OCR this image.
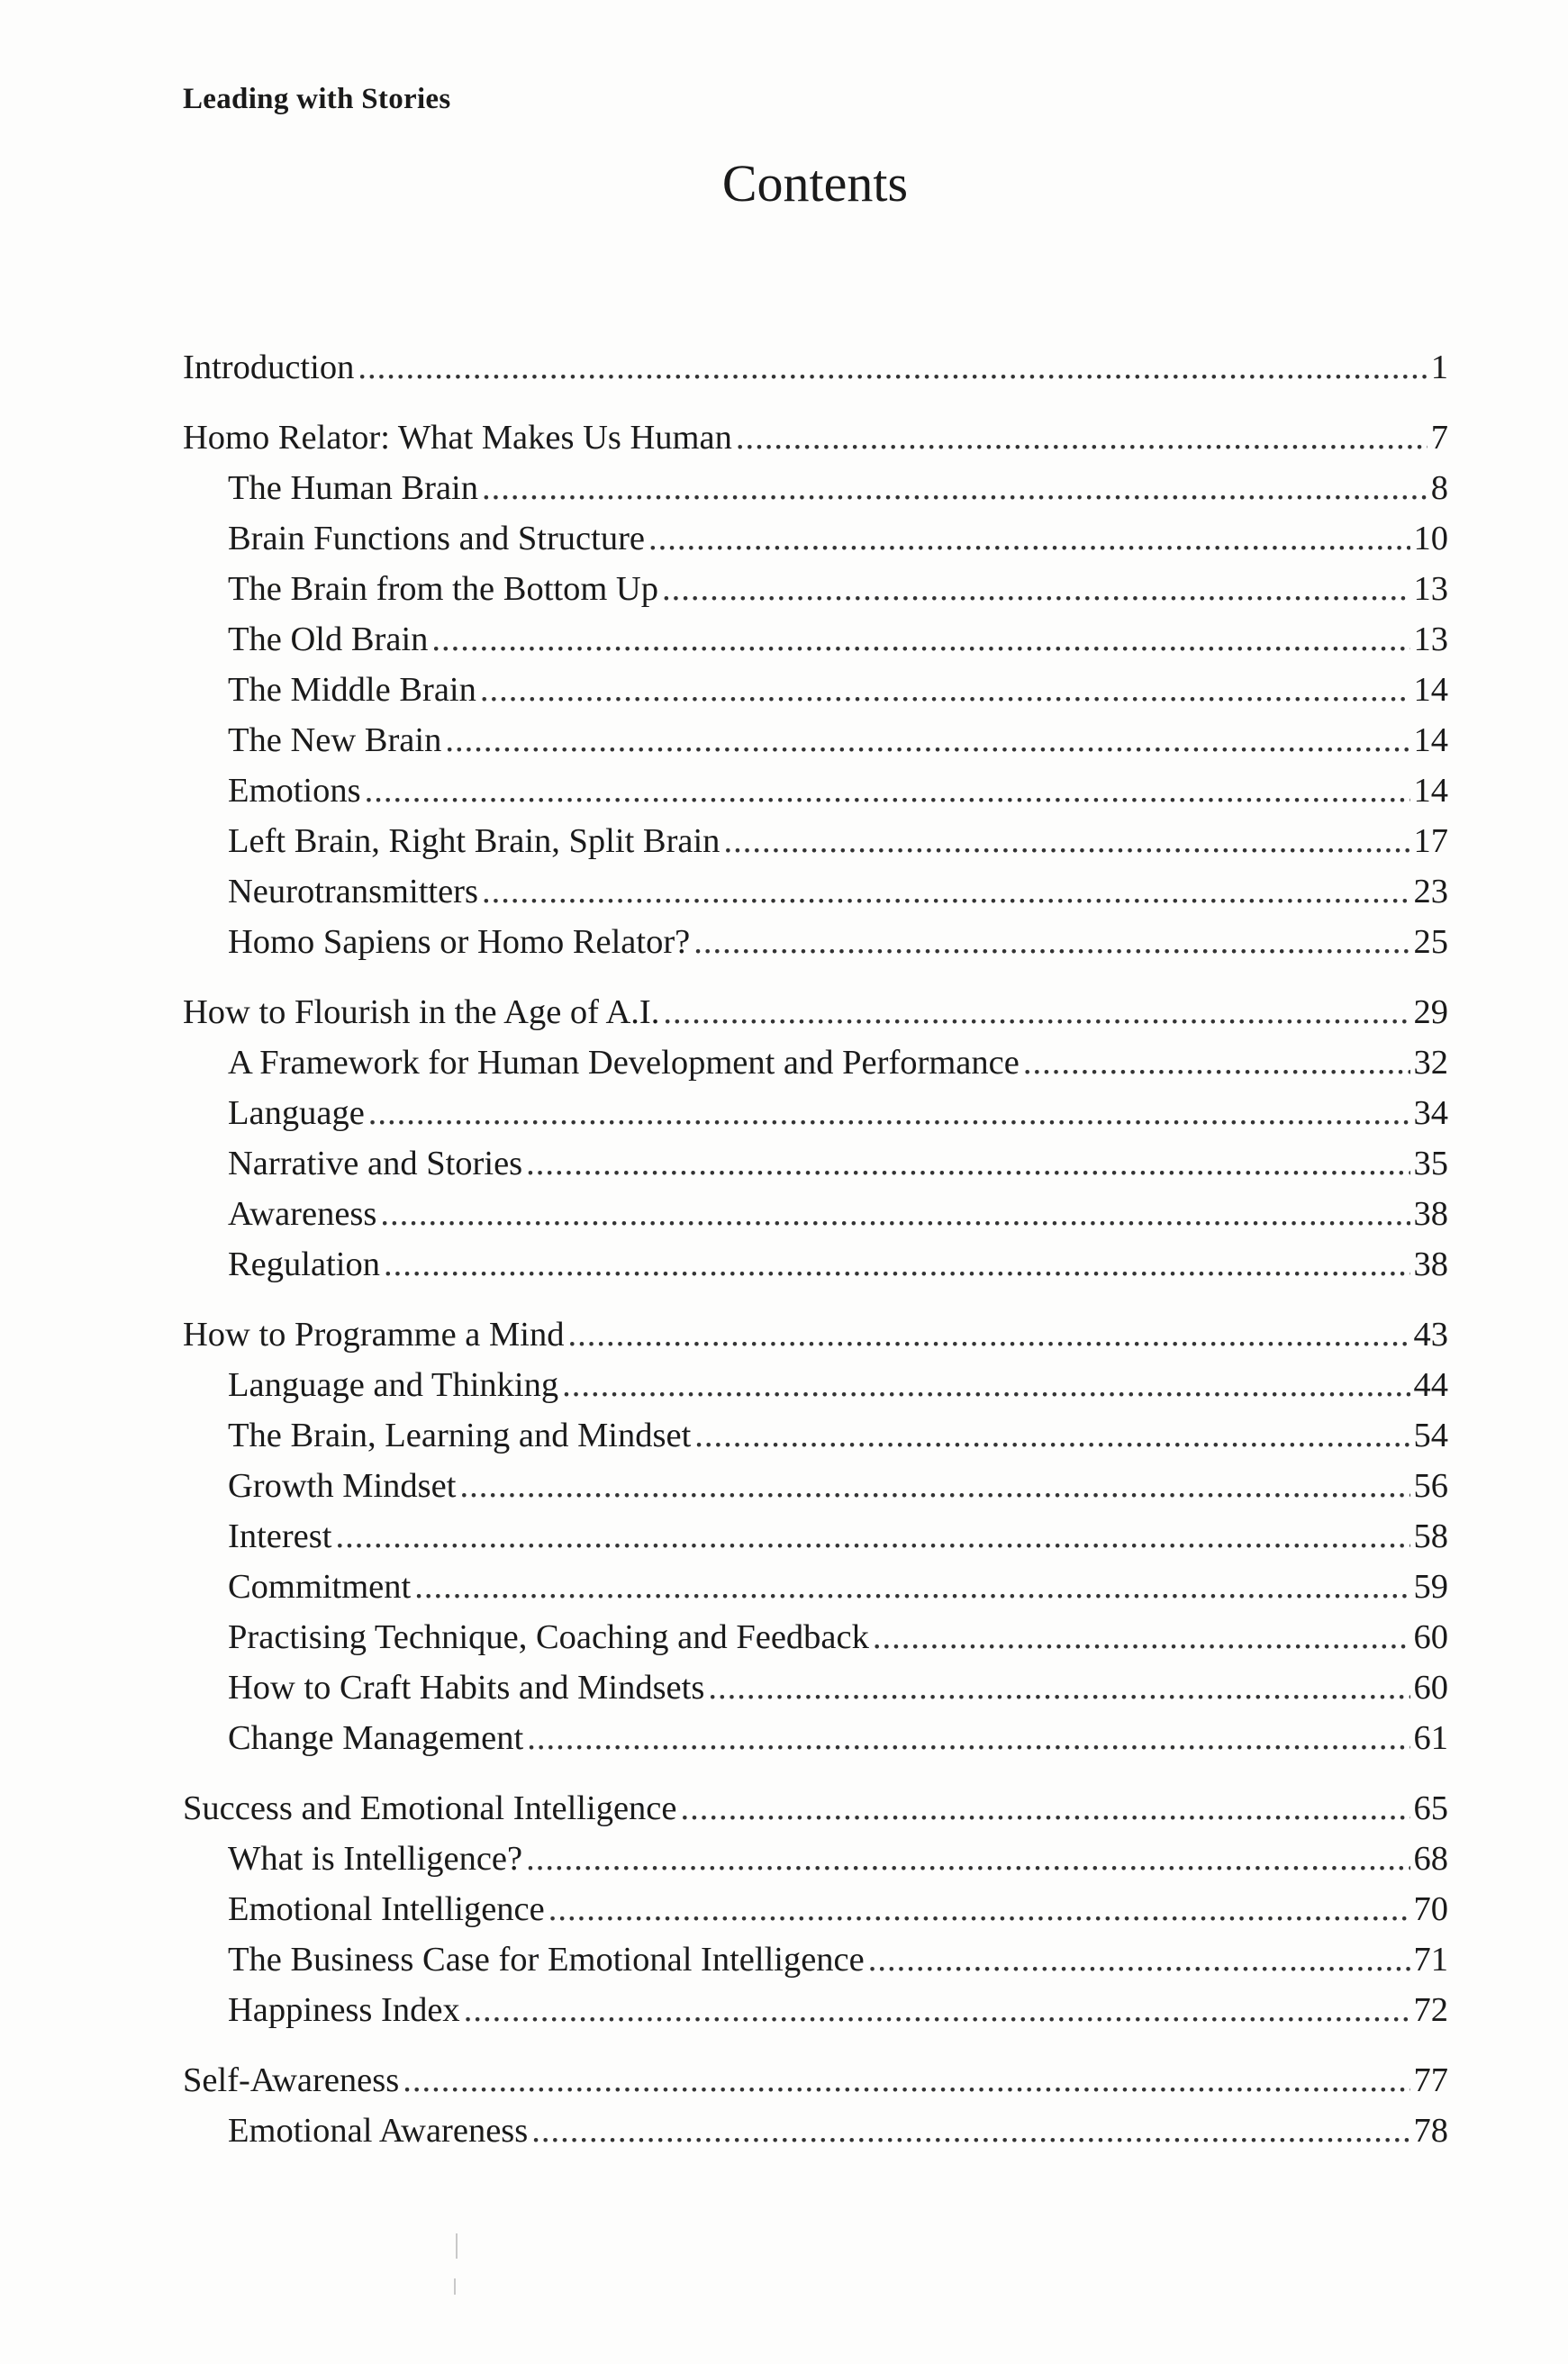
Leading with Stories
Contents
Introduction .....	1
Homo Relator: What Makes Us Human .....	7
The Human Brain .....	8
Brain Functions and Structure .....	10
The Brain from the Bottom Up .....	13
The Old Brain .....	13
The Middle Brain .....	14
The New Brain .....	14
Emotions .....	14
Left Brain, Right Brain, Split Brain .....	17
Neurotransmitters .....	23
Homo Sapiens or Homo Relator? .....	25
How to Flourish in the Age of A.I. .....	29
A Framework for Human Development and Performance .....	32
Language .....	34
Narrative and Stories .....	35
Awareness .....	38
Regulation .....	38
How to Programme a Mind .....	43
Language and Thinking .....	44
The Brain, Learning and Mindset .....	54
Growth Mindset .....	56
Interest .....	58
Commitment .....	59
Practising Technique, Coaching and Feedback .....	60
How to Craft Habits and Mindsets .....	60
Change Management .....	61
Success and Emotional Intelligence .....	65
What is Intelligence? .....	68
Emotional Intelligence .....	70
The Business Case for Emotional Intelligence .....	71
Happiness Index .....	72
Self-Awareness .....	77
Emotional Awareness .....	78
